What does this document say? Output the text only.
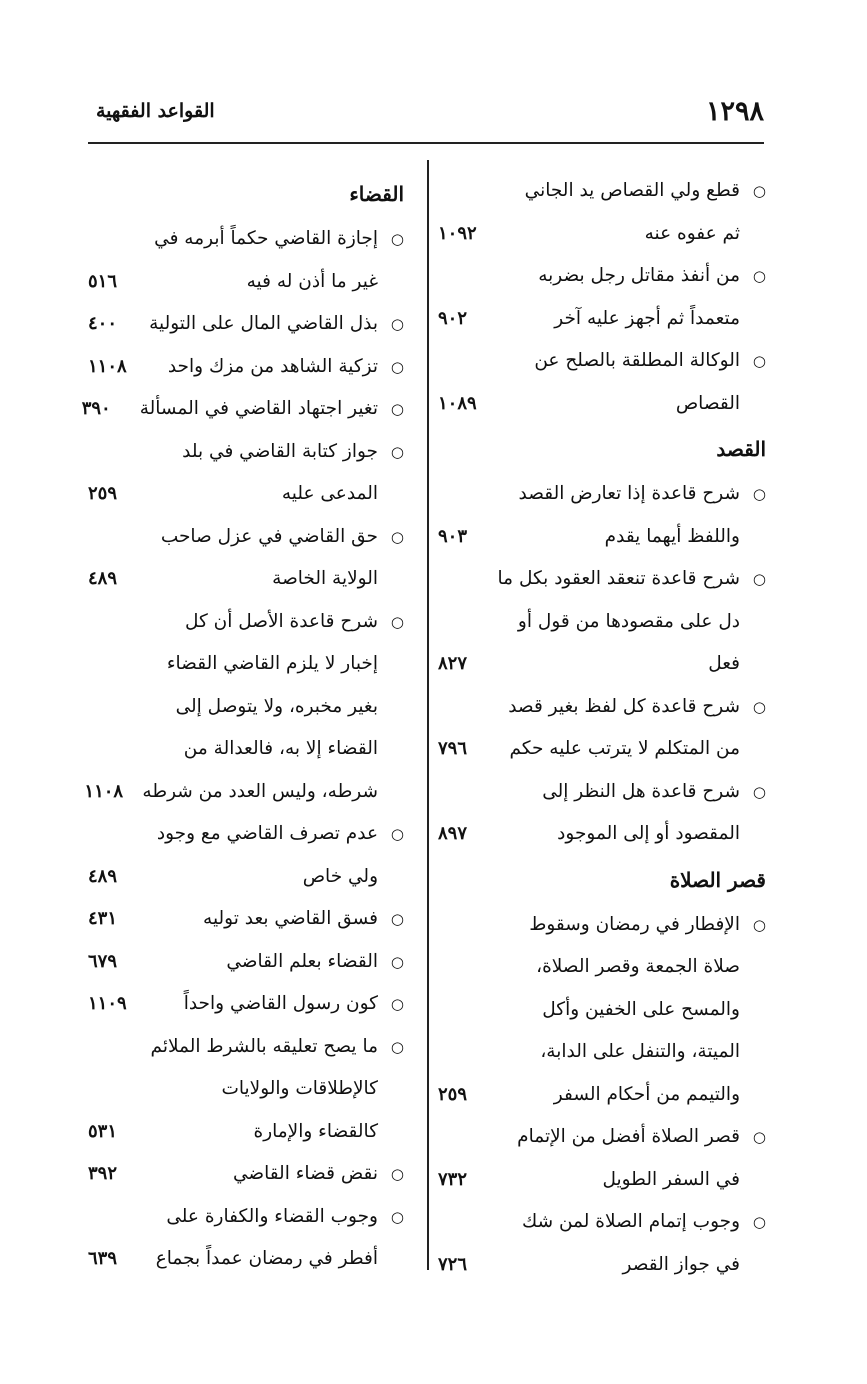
١٢٩٨
القواعد الفقهية
○
قطع ولي القصاص يد الجاني
ثم عفوه عنه
١٠٩٢
○
من أنفذ مقاتل رجل بضربه
متعمداً ثم أجهز عليه آخر
٩٠٢
○
الوكالة المطلقة بالصلح عن
القصاص
١٠٨٩
القصد
○
شرح قاعدة إذا تعارض القصد
واللفظ أيهما يقدم
٩٠٣
○
شرح قاعدة تنعقد العقود بكل ما
دل على مقصودها من قول أو
فعل
٨٢٧
○
شرح قاعدة كل لفظ بغير قصد
من المتكلم لا يترتب عليه حكم
٧٩٦
○
شرح قاعدة هل النظر إلى
المقصود أو إلى الموجود
٨٩٧
قصر الصلاة
○
الإفطار في رمضان وسقوط
صلاة الجمعة وقصر الصلاة،
والمسح على الخفين وأكل
الميتة، والتنفل على الدابة،
والتيمم من أحكام السفر
٢٥٩
○
قصر الصلاة أفضل من الإتمام
في السفر الطويل
٧٣٢
○
وجوب إتمام الصلاة لمن شك
في جواز القصر
٧٢٦
القضاء
○
إجازة القاضي حكماً أبرمه في
غير ما أذن له فيه
٥١٦
○
بذل القاضي المال على التولية
٤٠٠
○
تزكية الشاهد من مزك واحد
١١٠٨
○
تغير اجتهاد القاضي في المسألة
٣٩٠
○
جواز كتابة القاضي في بلد
المدعى عليه
٢٥٩
○
حق القاضي في عزل صاحب
الولاية الخاصة
٤٨٩
○
شرح قاعدة الأصل أن كل
إخبار لا يلزم القاضي القضاء
بغير مخبره، ولا يتوصل إلى
القضاء إلا به، فالعدالة من
شرطه، وليس العدد من شرطه
١١٠٨
○
عدم تصرف القاضي مع وجود
ولي خاص
٤٨٩
○
فسق القاضي بعد توليه
٤٣١
○
القضاء بعلم القاضي
٦٧٩
○
كون رسول القاضي واحداً
١١٠٩
○
ما يصح تعليقه بالشرط الملائم
كالإطلاقات والولايات
كالقضاء والإمارة
٥٣١
○
نقض قضاء القاضي
٣٩٢
○
وجوب القضاء والكفارة على
أفطر في رمضان عمداً بجماع
٦٣٩
